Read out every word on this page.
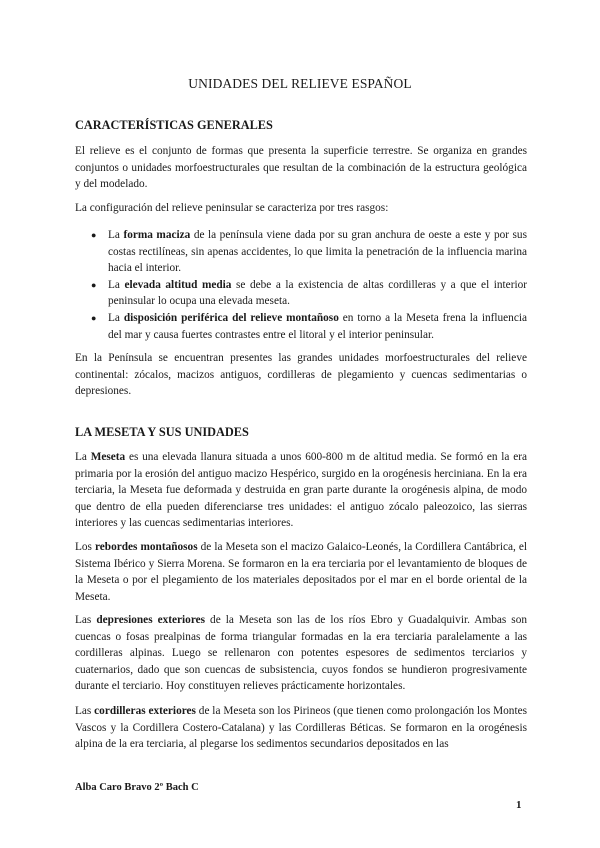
UNIDADES DEL RELIEVE ESPAÑOL
CARACTERÍSTICAS GENERALES
El relieve es el conjunto de formas que presenta la superficie terrestre. Se organiza en grandes conjuntos o unidades morfoestructurales que resultan de la combinación de la estructura geológica y del modelado.
La configuración del relieve peninsular se caracteriza por tres rasgos:
● La forma maciza de la península viene dada por su gran anchura de oeste a este y por sus costas rectilíneas, sin apenas accidentes, lo que limita la penetración de la influencia marina hacia el interior.
● La elevada altitud media se debe a la existencia de altas cordilleras y a que el interior peninsular lo ocupa una elevada meseta.
● La disposición periférica del relieve montañoso en torno a la Meseta frena la influencia del mar y causa fuertes contrastes entre el litoral y el interior peninsular.
En la Península se encuentran presentes las grandes unidades morfoestructurales del relieve continental: zócalos, macizos antiguos, cordilleras de plegamiento y cuencas sedimentarias o depresiones.
LA MESETA Y SUS UNIDADES
La Meseta es una elevada llanura situada a unos 600-800 m de altitud media. Se formó en la era primaria por la erosión del antiguo macizo Hespérico, surgido en la orogénesis herciniana. En la era terciaria, la Meseta fue deformada y destruida en gran parte durante la orogénesis alpina, de modo que dentro de ella pueden diferenciarse tres unidades: el antiguo zócalo paleozoico, las sierras interiores y las cuencas sedimentarias interiores.
Los rebordes montañosos de la Meseta son el macizo Galaico-Leonés, la Cordillera Cantábrica, el Sistema Ibérico y Sierra Morena. Se formaron en la era terciaria por el levantamiento de bloques de la Meseta o por el plegamiento de los materiales depositados por el mar en el borde oriental de la Meseta.
Las depresiones exteriores de la Meseta son las de los ríos Ebro y Guadalquivir. Ambas son cuencas o fosas prealpinas de forma triangular formadas en la era terciaria paralelamente a las cordilleras alpinas. Luego se rellenaron con potentes espesores de sedimentos terciarios y cuaternarios, dado que son cuencas de subsistencia, cuyos fondos se hundieron progresivamente durante el terciario. Hoy constituyen relieves prácticamente horizontales.
Las cordilleras exteriores de la Meseta son los Pirineos (que tienen como prolongación los Montes Vascos y la Cordillera Costero-Catalana) y las Cordilleras Béticas. Se formaron en la orogénesis alpina de la era terciaria, al plegarse los sedimentos secundarios depositados en las
Alba Caro Bravo 2º Bach C
1
